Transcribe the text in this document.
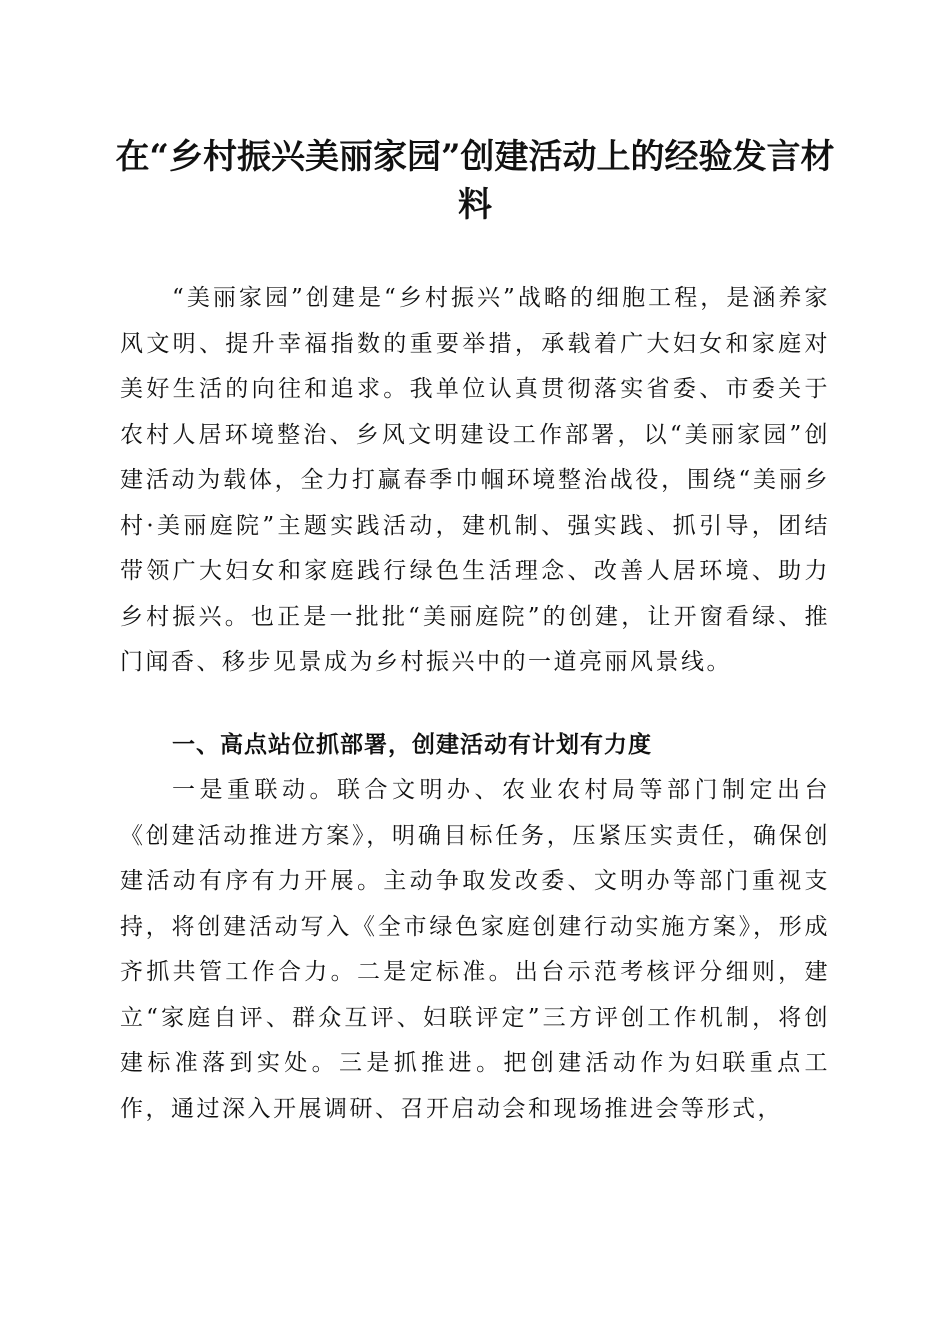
在“乡村振兴美丽家园”创建活动上的经验发言材料

“美丽家园”创建是“乡村振兴”战略的细胞工程，是涵养家风文明、提升幸福指数的重要举措，承载着广大妇女和家庭对美好生活的向往和追求。我单位认真贯彻落实省委、市委关于农村人居环境整治、乡风文明建设工作部署，以“美丽家园”创建活动为载体，全力打赢春季巾帼环境整治战役，围绕“美丽乡村·美丽庭院”主题实践活动，建机制、强实践、抓引导，团结带领广大妇女和家庭践行绿色生活理念、改善人居环境、助力乡村振兴。也正是一批批“美丽庭院”的创建，让开窗看绿、推门闻香、移步见景成为乡村振兴中的一道亮丽风景线。

一、高点站位抓部署，创建活动有计划有力度

一是重联动。联合文明办、农业农村局等部门制定出台《创建活动推进方案》，明确目标任务，压紧压实责任，确保创建活动有序有力开展。主动争取发改委、文明办等部门重视支持，将创建活动写入《全市绿色家庭创建行动实施方案》，形成齐抓共管工作合力。二是定标准。出台示范考核评分细则，建立“家庭自评、群众互评、妇联评定”三方评创工作机制，将创建标准落到实处。三是抓推进。把创建活动作为妇联重点工作，通过深入开展调研、召开启动会和现场推进会等形式，
